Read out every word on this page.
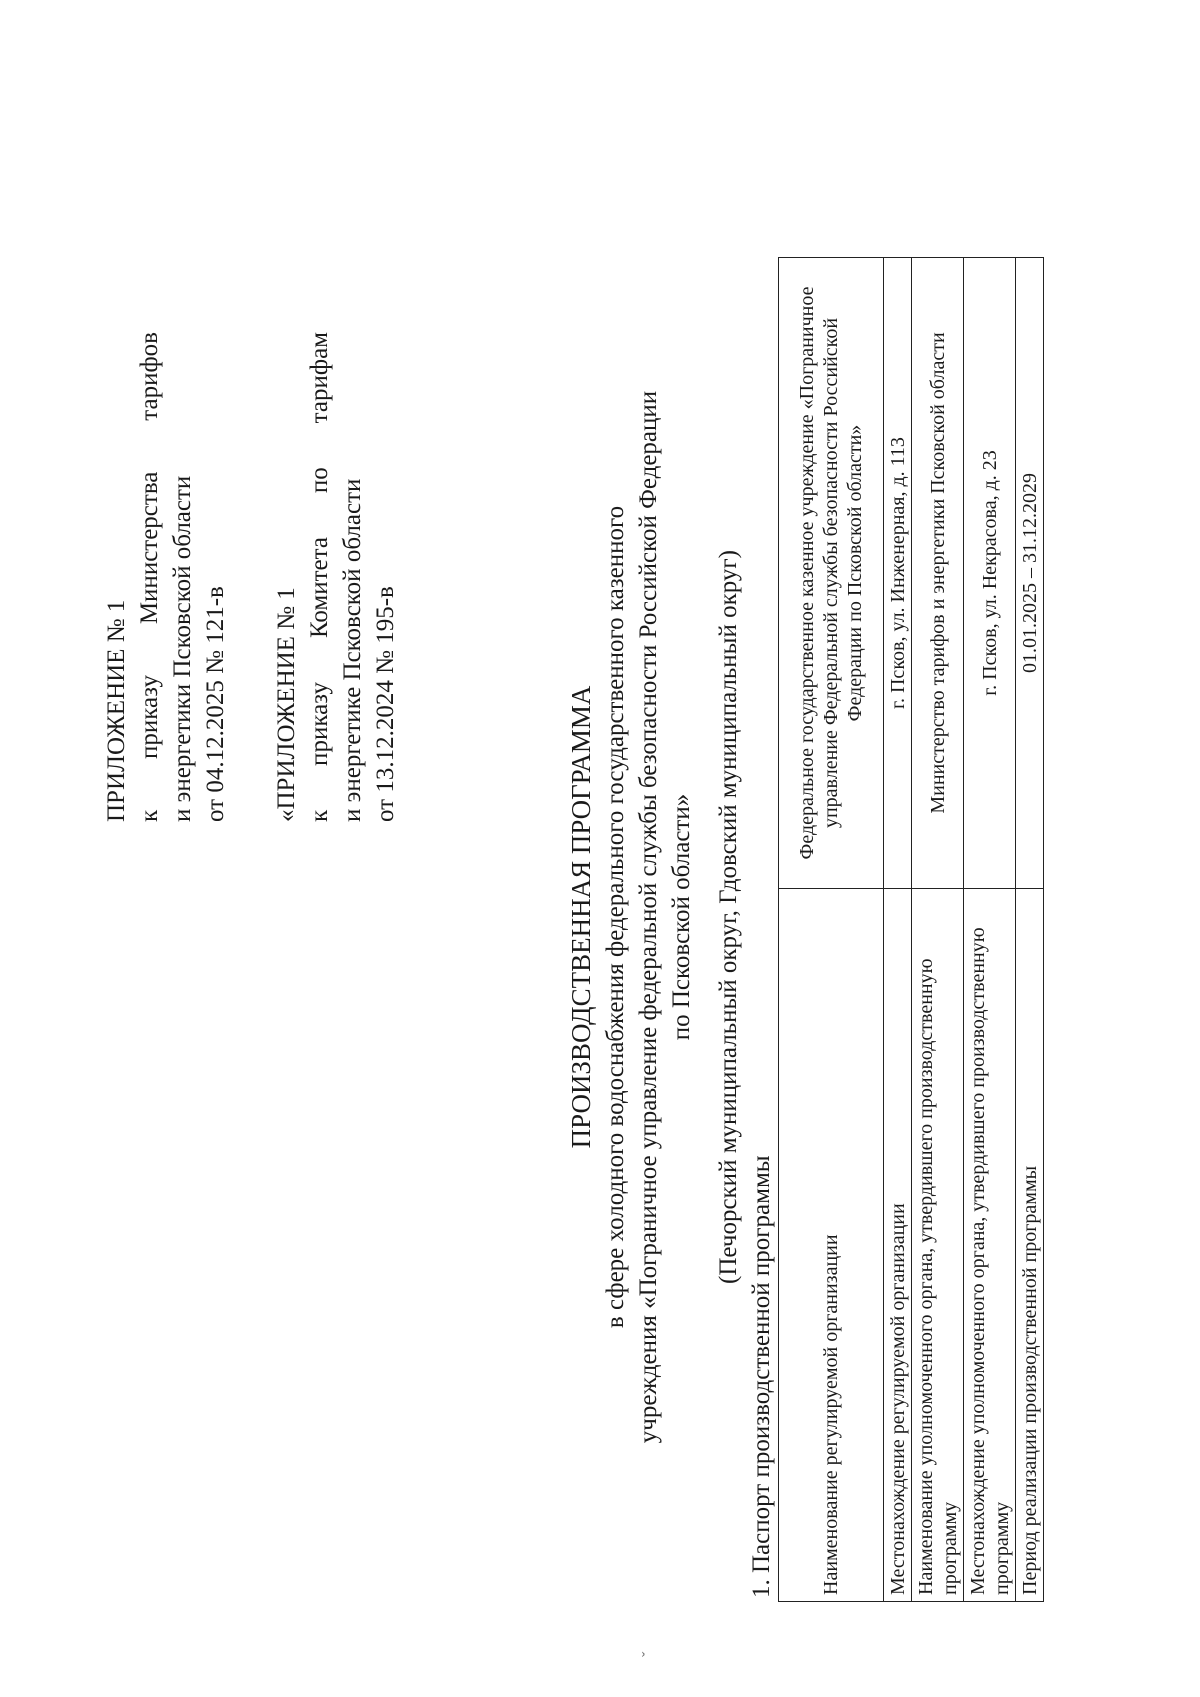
ПРИЛОЖЕНИЕ № 1 к
приказу
Министерства
тарифов
и энергетики Псковской области от 04.12.2025 № 121-в «ПРИЛОЖЕНИЕ № 1 к
приказу
Комитета
по
тарифам
и энергетике Псковской области от 13.12.2024 № 195-в	ПРОИЗВОДСТВЕННАЯ ПРОГРАММА в сфере холодного водоснабжения федерального государственного казенного учреждения «Пограничное управление федеральной службы безопасности Российской Федерации по Псковской области» (Печорский муниципальный округ, Гдовский муниципальный округ)
1. Паспорт производственной программы Наименование регулируемой организации	Федеральное государственное казенное учреждение «Пограничное управление Федеральной службы безопасности Российской Федерации по Псковской области»

Местонахождение регулируемой организации	г. Псков, ул. Инженерная, д. 113

Наименование уполномоченного органа, утвердившего производственную программу	Министерство тарифов и энергетики Псковской области

Местонахождение уполномоченного органа, утвердившего производственную программу	г. Псков, ул. Некрасова, д. 23

Период реализации производственной программы	01.01.2025 – 31.12.2029
ˇ
